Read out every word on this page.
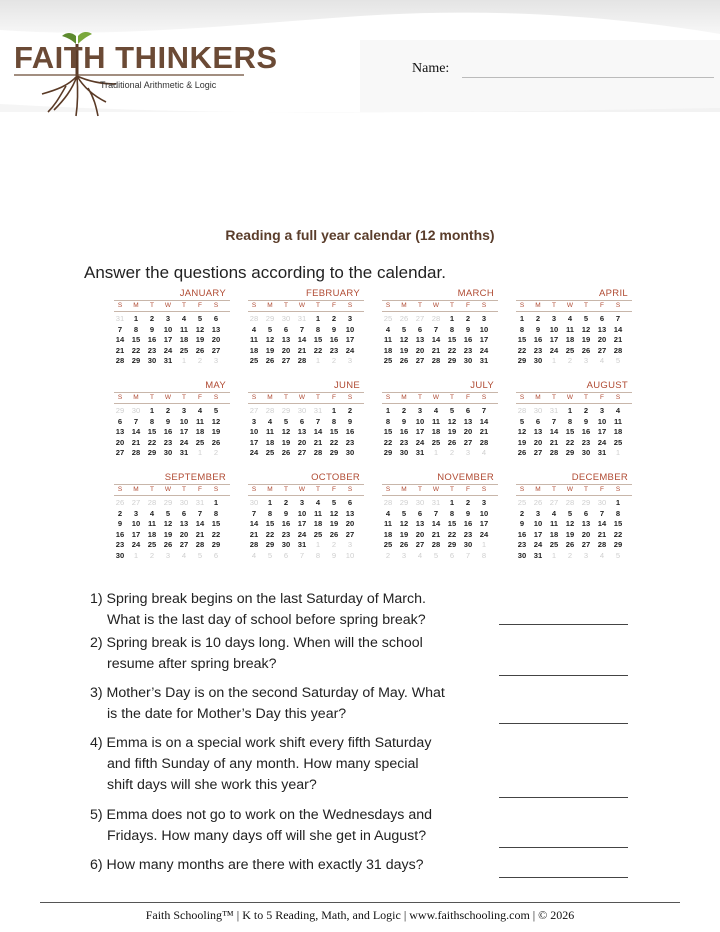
FAITH THINKERS
Traditional Arithmetic & Logic
Name:
Reading a full year calendar (12 months)
Answer the questions according to the calendar.
JANUARY
S	M	T	W	T	F	S
31	1	2	3	4	5	6
7	8	9	10	11	12 13
14 15 16 17 18 19 20
21 22 23 24 25 26 27
28 29 30 31	1	2	3
FEBRUARY
S	M	T	W	T	F	S
28 29 30 31	1	2	3
4	5	6	7	8	9	10
11	12 13 14 15 16 17
18 19 20 21 22 23 24
25 26 27 28	1	2	3
MARCH
S	M	T	W	T	F	S
25 26 27 28	1	2	3
4	5	6	7	8	9	10
11	12 13 14 15 16 17
18 19 20 21 22 23 24
25 26 27 28 29 30 31
APRIL
S	M	T	W	T	F	S
1	2	3	4	5	6	7
8	9	10	11	12 13 14
15 16 17 18 19 20 21
22 23 24 25 26 27 28
29 30	1	2	3	4	5
MAY
S	M	T	W	T	F	S
29 30	1	2	3	4	5
6	7	8	9	10	11	12
13 14 15 16 17 18 19
20 21 22 23 24 25 26
27 28 29 30 31	1	2
JUNE
S	M	T	W	T	F	S
27 28 29 30 31	1	2
3	4	5	6	7	8	9
10	11	12 13 14 15 16
17 18 19 20 21 22 23
24 25 26 27 28 29 30
JULY
S	M	T	W	T	F	S
1	2	3	4	5	6	7
8	9	10	11	12 13 14
15 16 17 18 19 20 21
22 23 24 25 26 27 28
29 30 31	1	2	3	4
AUGUST
S	M	T	W	T	F	S
28 30 31	1	2	3	4
5	6	7	8	9	10	11
12 13 14 15 16 17 18
19 20 21 22 23 24 25
26 27 28 29 30 31	1
SEPTEMBER
S	M	T	W	T	F	S
26 27 28 29 30 31	1
2	3	4	5	6	7	8
9	10	11	12 13 14 15
16 17 18 19 20 21 22
23 24 25 26 27 28 29
30	1	2	3	4	5	6
OCTOBER
S	M	T	W	T	F	S
30	1	2	3	4	5	6
7	8	9	10	11	12 13
14 15 16 17 18 19 20
21 22 23 24 25 26 27
28 29 30 31	1	2	3
4	5	6	7	8	9	10
NOVEMBER
S	M	T	W	T	F	S
28 29 30 31	1	2	3
4	5	6	7	8	9	10
11	12 13 14 15 16 17
18 19 20 21 22 23 24
25 26 27 28 29 30	1
2	3	4	5	6	7	8
DECEMBER
S	M	T	W	T	F	S
25 26 27 28 29 30	1
2	3	4	5	6	7	8
9	10	11	12 13 14 15
16 17 18 19 20 21 22
23 24 25 26 27 28 29
30 31	1	2	3	4	5
1) Spring break begins on the last Saturday of March.
What is the last day of school before spring break?
2) Spring break is 10 days long. When will the school
resume after spring break?
3) Mother’s Day is on the second Saturday of May. What
is the date for Mother’s Day this year?
4) Emma is on a special work shift every fifth Saturday
and fifth Sunday of any month. How many special
shift days will she work this year?
5) Emma does not go to work on the Wednesdays and
Fridays. How many days off will she get in August?
6) How many months are there with exactly 31 days?
Faith Schooling™ | K to 5 Reading, Math, and Logic | www.faithschooling.com | © 2026
